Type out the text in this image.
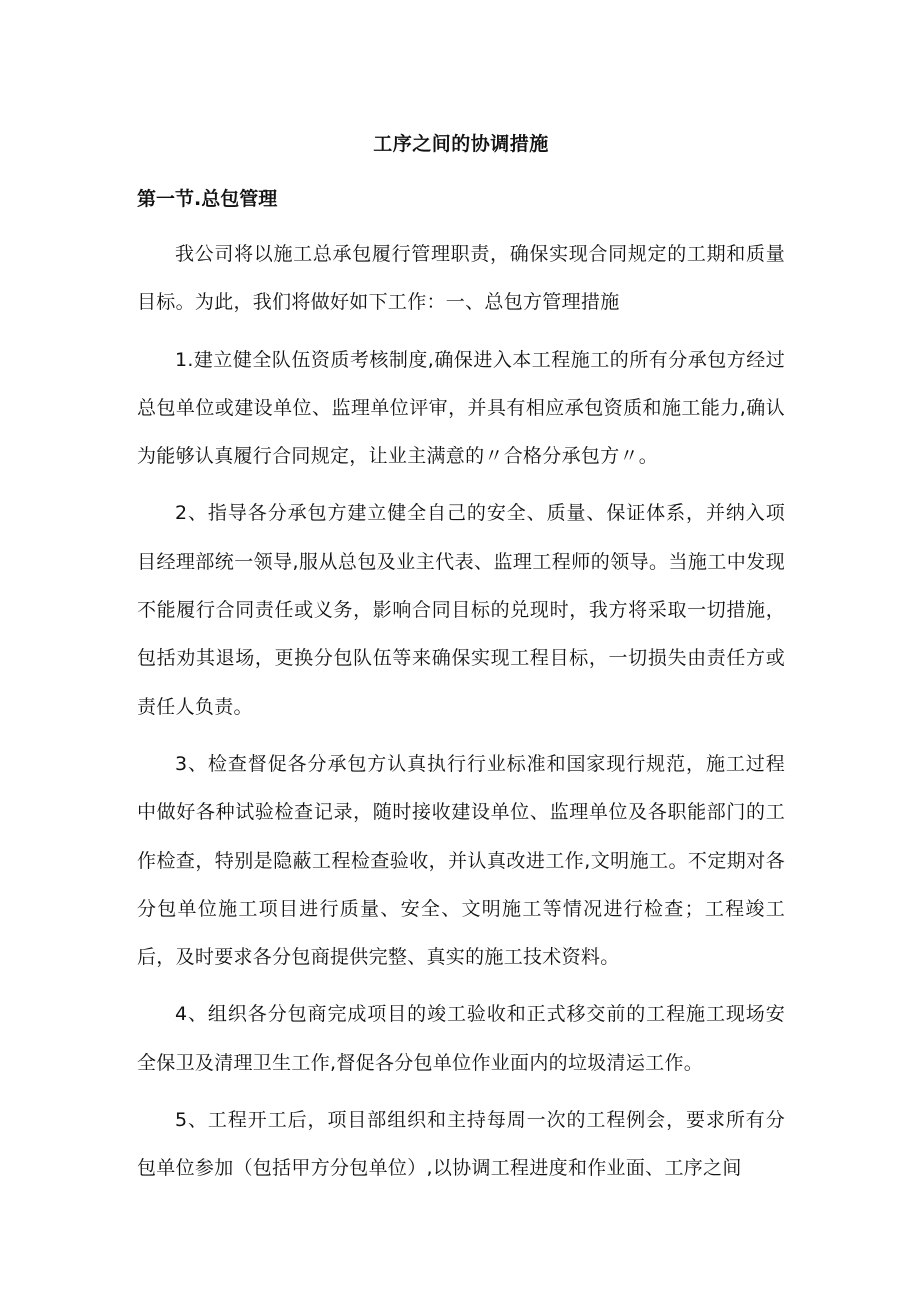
工序之间的协调措施
第一节.总包管理

我公司将以施工总承包履行管理职责，确保实现合同规定的工期和质量目标。为此，我们将做好如下工作：一、总包方管理措施

1.建立健全队伍资质考核制度,确保进入本工程施工的所有分承包方经过总包单位或建设单位、监理单位评审，并具有相应承包资质和施工能力,确认为能够认真履行合同规定，让业主满意的〃合格分承包方〃。

2、指导各分承包方建立健全自己的安全、质量、保证体系，并纳入项目经理部统一领导,服从总包及业主代表、监理工程师的领导。当施工中发现不能履行合同责任或义务，影响合同目标的兑现时，我方将采取一切措施，包括劝其退场，更换分包队伍等来确保实现工程目标，一切损失由责任方或责任人负责。

3、检查督促各分承包方认真执行行业标准和国家现行规范，施工过程中做好各种试验检查记录，随时接收建设单位、监理单位及各职能部门的工作检查，特别是隐蔽工程检查验收，并认真改进工作,文明施工。不定期对各分包单位施工项目进行质量、安全、文明施工等情况进行检查；工程竣工后，及时要求各分包商提供完整、真实的施工技术资料。

4、组织各分包商完成项目的竣工验收和正式移交前的工程施工现场安全保卫及清理卫生工作,督促各分包单位作业面内的垃圾清运工作。

5、工程开工后，项目部组织和主持每周一次的工程例会，要求所有分包单位参加（包括甲方分包单位）,以协调工程进度和作业面、工序之间
